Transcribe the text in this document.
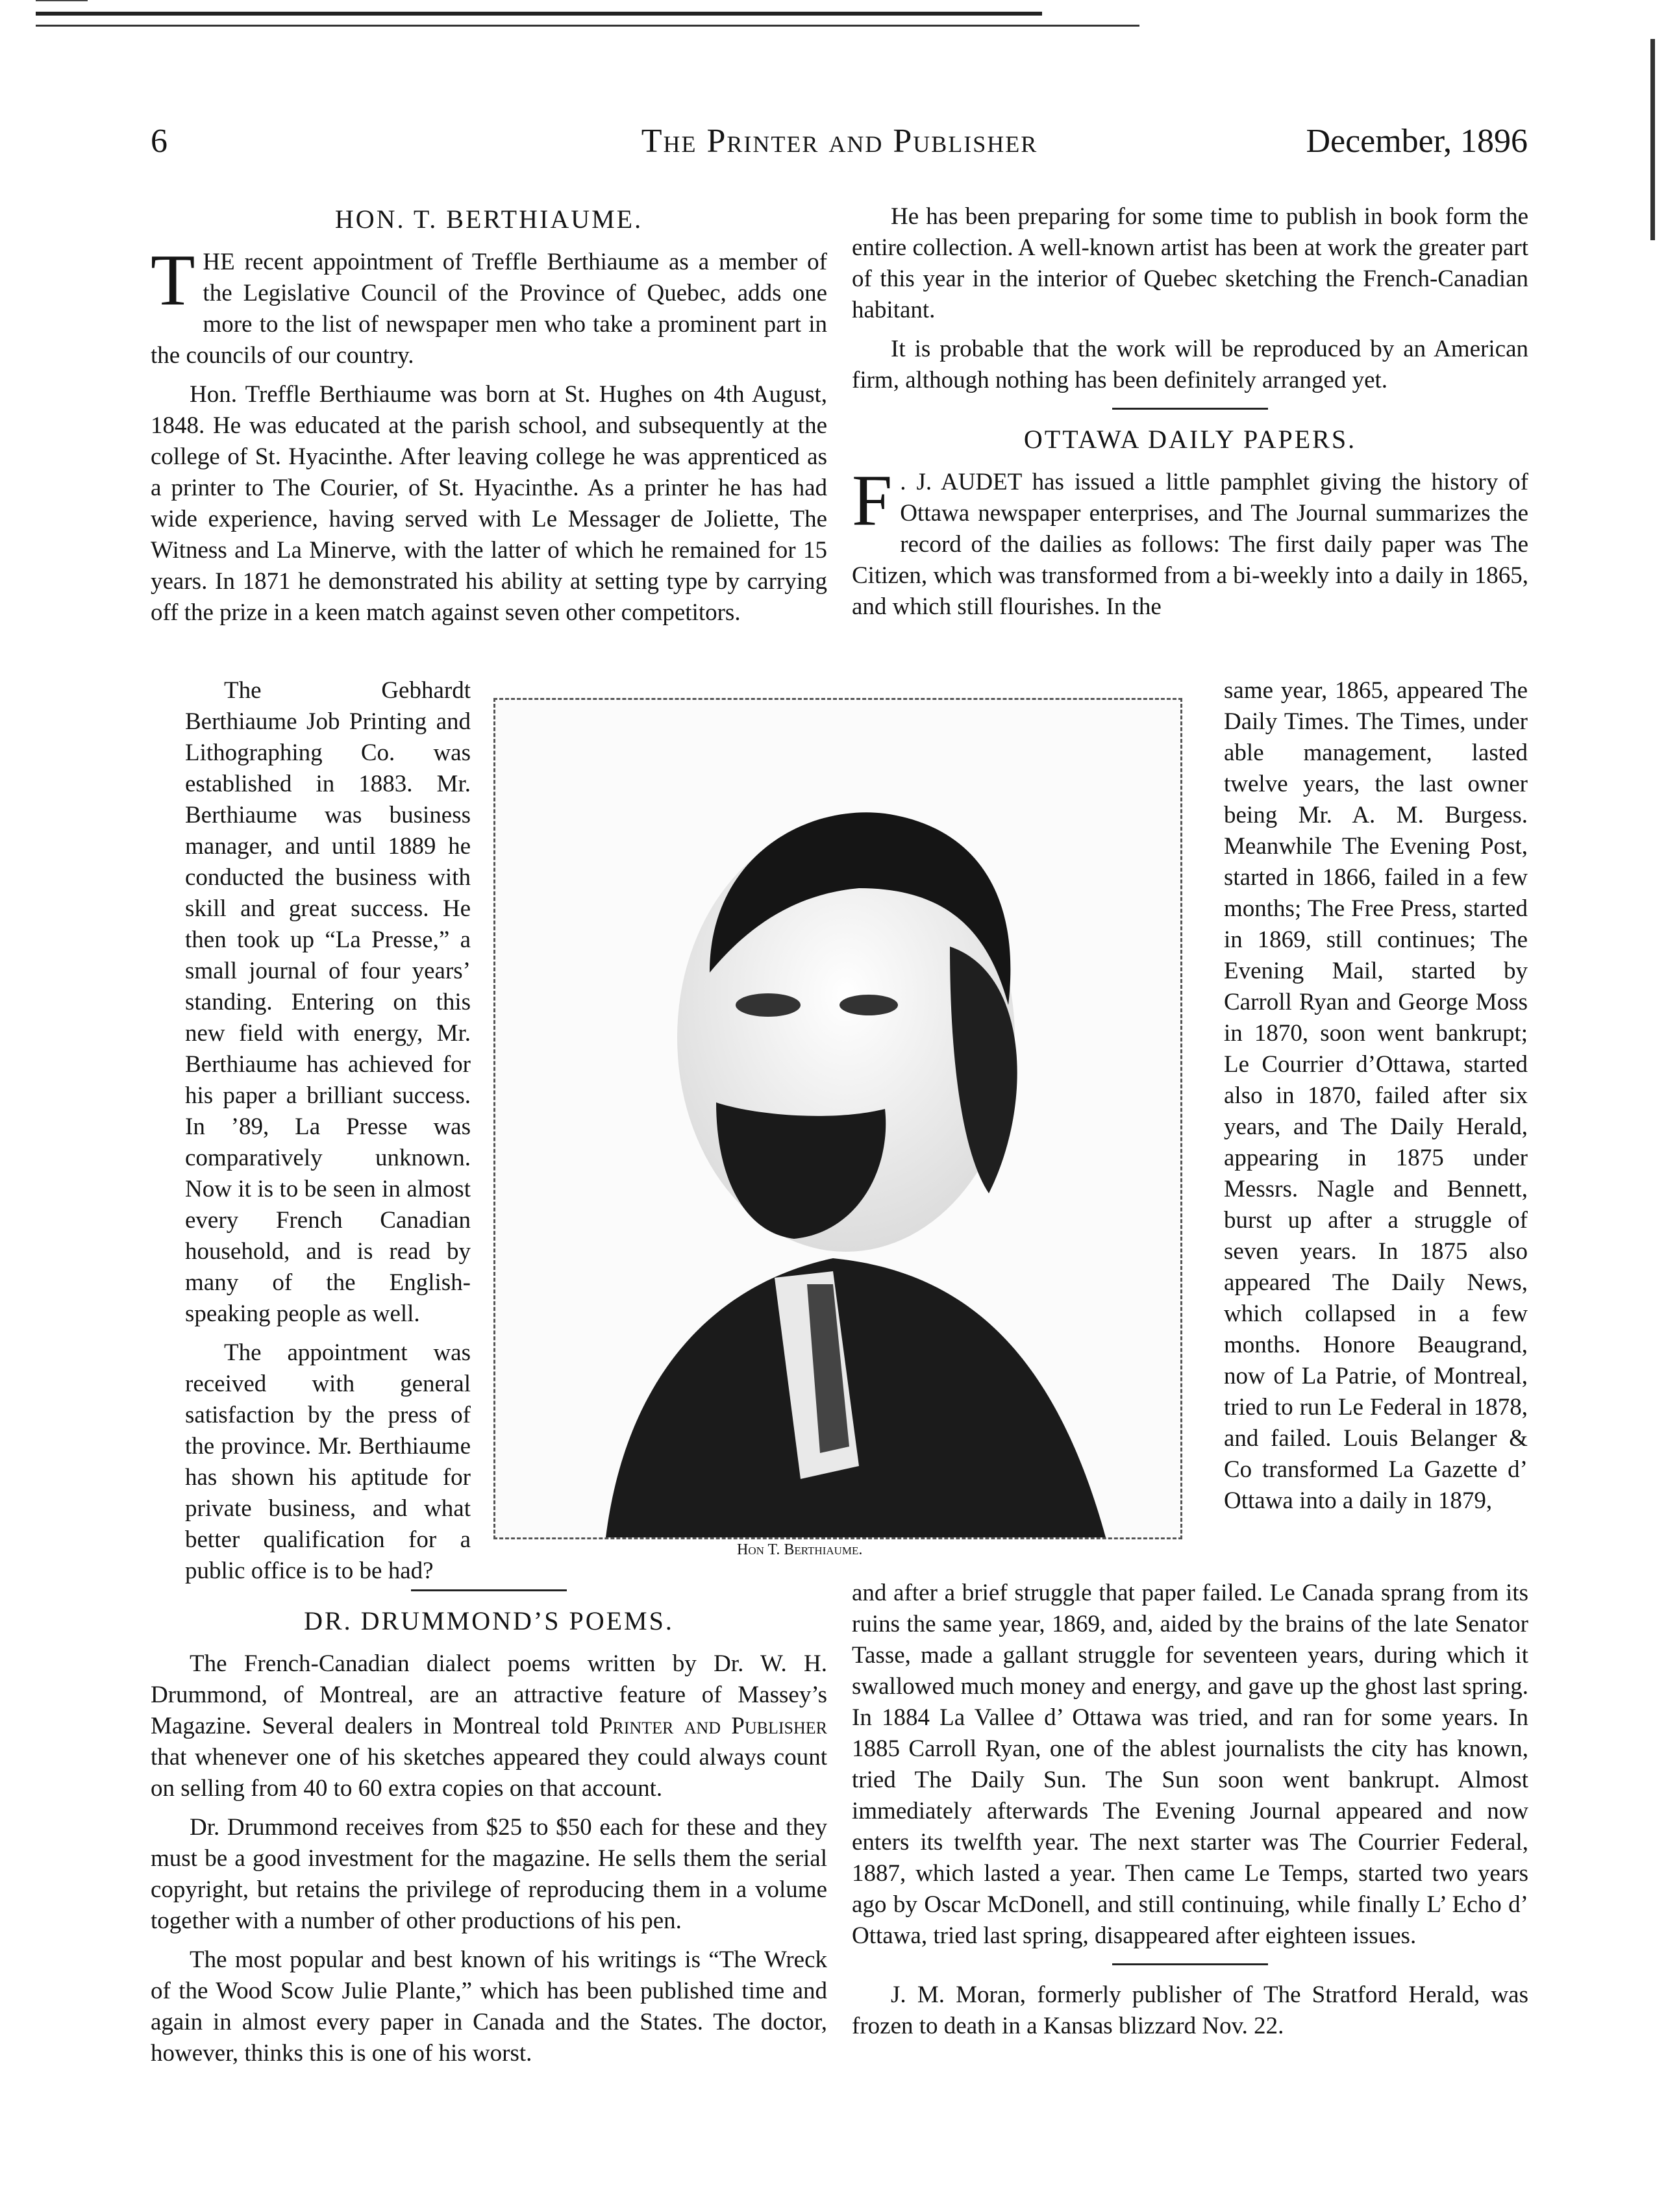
6	The Printer and Publisher	December, 1896
HON. T. BERTHIAUME.

THE recent appointment of Treffle Berthiaume as a member of the Legislative Council of the Province of Quebec, adds one more to the list of newspaper men who take a prominent part in the councils of our country.

Hon. Treffle Berthiaume was born at St. Hughes on 4th August, 1848. He was educated at the parish school, and subsequently at the college of St. Hyacinthe. After leaving college he was apprenticed as a printer to The Courier, of St. Hyacinthe. As a printer he has had wide experience, having served with Le Messager de Joliette, The Witness and La Minerve, with the latter of which he remained for 15 years. In 1871 he demonstrated his ability at setting type by carrying off the prize in a keen match against seven other competitors.

The Gebhardt Berthiaume Job Printing and Lithographing Co. was established in 1883. Mr. Berthiaume was business manager, and until 1889 he conducted the business with skill and great success. He then took up “La Presse,” a small journal of four years’ standing. Entering on this new field with energy, Mr. Berthiaume has achieved for his paper a brilliant success. In ’89, La Presse was comparatively unknown. Now it is to be seen in almost every French Canadian household, and is read by many of the English-speaking people as well.

The appointment was received with general satisfaction by the press of the province. Mr. Berthiaume has shown his aptitude for private business, and what better qualification for a public office is to be had?

Hon T. Berthiaume.
DR. DRUMMOND’S POEMS.

The French-Canadian dialect poems written by Dr. W. H. Drummond, of Montreal, are an attractive feature of Massey’s Magazine. Several dealers in Montreal told Printer and Publisher that whenever one of his sketches appeared they could always count on selling from 40 to 60 extra copies on that account.

Dr. Drummond receives from $25 to $50 each for these and they must be a good investment for the magazine. He sells them the serial copyright, but retains the privilege of reproducing them in a volume together with a number of other productions of his pen.

The most popular and best known of his writings is “The Wreck of the Wood Scow Julie Plante,” which has been published time and again in almost every paper in Canada and the States. The doctor, however, thinks this is one of his worst.

He has been preparing for some time to publish in book form the entire collection. A well-known artist has been at work the greater part of this year in the interior of Quebec sketching the French-Canadian habitant.

It is probable that the work will be reproduced by an American firm, although nothing has been definitely arranged yet.

OTTAWA DAILY PAPERS.

F . J. AUDET has issued a little pamphlet giving the history of Ottawa newspaper enterprises, and The Journal summarizes the record of the dailies as follows: The first daily paper was The Citizen, which was transformed from a bi-weekly into a daily in 1865, and which still flourishes. In the

same year, 1865, appeared The Daily Times. The Times, under able management, lasted twelve years, the last owner being Mr. A. M. Burgess. Meanwhile The Evening Post, started in 1866, failed in a few months; The Free Press, started in 1869, still continues; The Evening Mail, started by Carroll Ryan and George Moss in 1870, soon went bankrupt; Le Courrier d’Ottawa, started also in 1870, failed after six years, and The Daily Herald, appearing in 1875 under Messrs. Nagle and Bennett, burst up after a struggle of seven years. In 1875 also appeared The Daily News, which collapsed in a few months. Honore Beaugrand, now of La Patrie, of Montreal, tried to run Le Federal in 1878, and failed. Louis Belanger & Co transformed La Gazette d’ Ottawa into a daily in 1879,

and after a brief struggle that paper failed. Le Canada sprang from its ruins the same year, 1869, and, aided by the brains of the late Senator Tasse, made a gallant struggle for seventeen years, during which it swallowed much money and energy, and gave up the ghost last spring. In 1884 La Vallee d’ Ottawa was tried, and ran for some years. In 1885 Carroll Ryan, one of the ablest journalists the city has known, tried The Daily Sun. The Sun soon went bankrupt. Almost immediately afterwards The Evening Journal appeared and now enters its twelfth year. The next starter was The Courrier Federal, 1887, which lasted a year. Then came Le Temps, started two years ago by Oscar McDonell, and still continuing, while finally L’ Echo d’ Ottawa, tried last spring, disappeared after eighteen issues.

J. M. Moran, formerly publisher of The Stratford Herald, was frozen to death in a Kansas blizzard Nov. 22.
